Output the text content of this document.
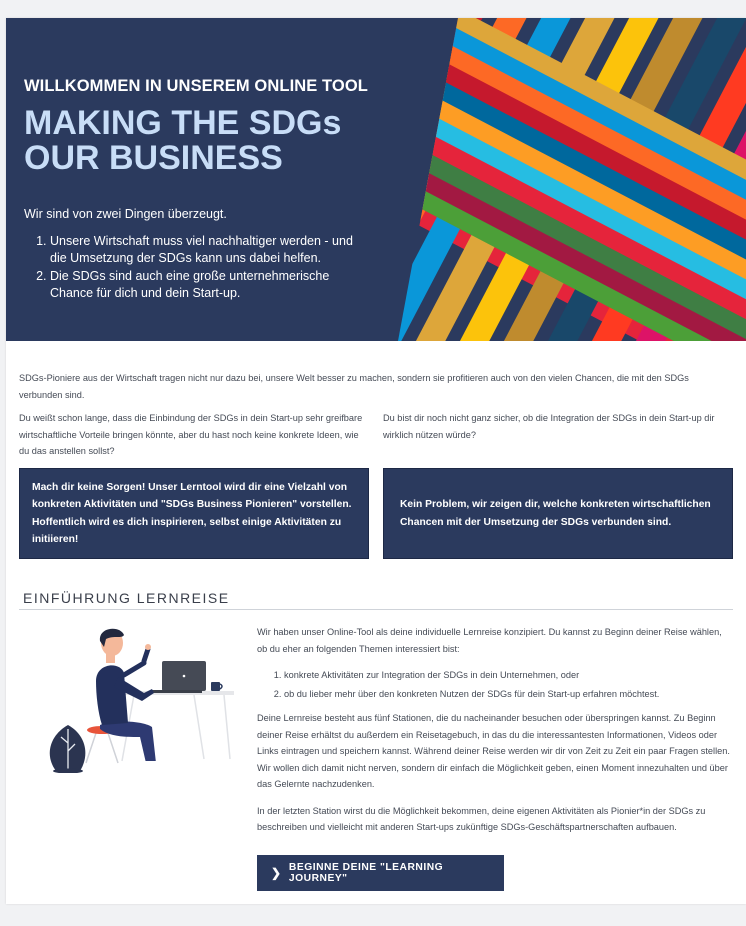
WILLKOMMEN IN UNSEREM ONLINE TOOL
MAKING THE SDGs
OUR BUSINESS

Wir sind von zwei Dingen überzeugt.

1. Unsere Wirtschaft muss viel nachhaltiger werden - und die Umsetzung der SDGs kann uns dabei helfen.
2. Die SDGs sind auch eine große unternehmerische Chance für dich und dein Start-up.

SDGs-Pioniere aus der Wirtschaft tragen nicht nur dazu bei, unsere Welt besser zu machen, sondern sie profitieren auch von den vielen Chancen, die mit den SDGs verbunden sind.

Du weißt schon lange, dass die Einbindung der SDGs in dein Start-up sehr greifbare wirtschaftliche Vorteile bringen könnte, aber du hast noch keine konkrete Ideen, wie du das anstellen sollst?

Du bist dir noch nicht ganz sicher, ob die Integration der SDGs in dein Start-up dir wirklich nützen würde?

Mach dir keine Sorgen! Unser Lerntool wird dir eine Vielzahl von konkreten Aktivitäten und "SDGs Business Pionieren" vorstellen. Hoffentlich wird es dich inspirieren, selbst einige Aktivitäten zu initiieren!

Kein Problem, wir zeigen dir, welche konkreten wirtschaftlichen Chancen mit der Umsetzung der SDGs verbunden sind.

EINFÜHRUNG LERNREISE

Wir haben unser Online-Tool als deine individuelle Lernreise konzipiert. Du kannst zu Beginn deiner Reise wählen, ob du eher an folgenden Themen interessiert bist:

1. konkrete Aktivitäten zur Integration der SDGs in dein Unternehmen, oder
2. ob du lieber mehr über den konkreten Nutzen der SDGs für dein Start-up erfahren möchtest.

Deine Lernreise besteht aus fünf Stationen, die du nacheinander besuchen oder überspringen kannst. Zu Beginn deiner Reise erhältst du außerdem ein Reisetagebuch, in das du die interessantesten Informationen, Videos oder Links eintragen und speichern kannst. Während deiner Reise werden wir dir von Zeit zu Zeit ein paar Fragen stellen. Wir wollen dich damit nicht nerven, sondern dir einfach die Möglichkeit geben, einen Moment innezuhalten und über das Gelernte nachzudenken.

In der letzten Station wirst du die Möglichkeit bekommen, deine eigenen Aktivitäten als Pionier*in der SDGs zu beschreiben und vielleicht mit anderen Start-ups zukünftige SDGs-Geschäftspartnerschaften aufbauen.

❯ BEGINNE DEINE "LEARNING JOURNEY"
